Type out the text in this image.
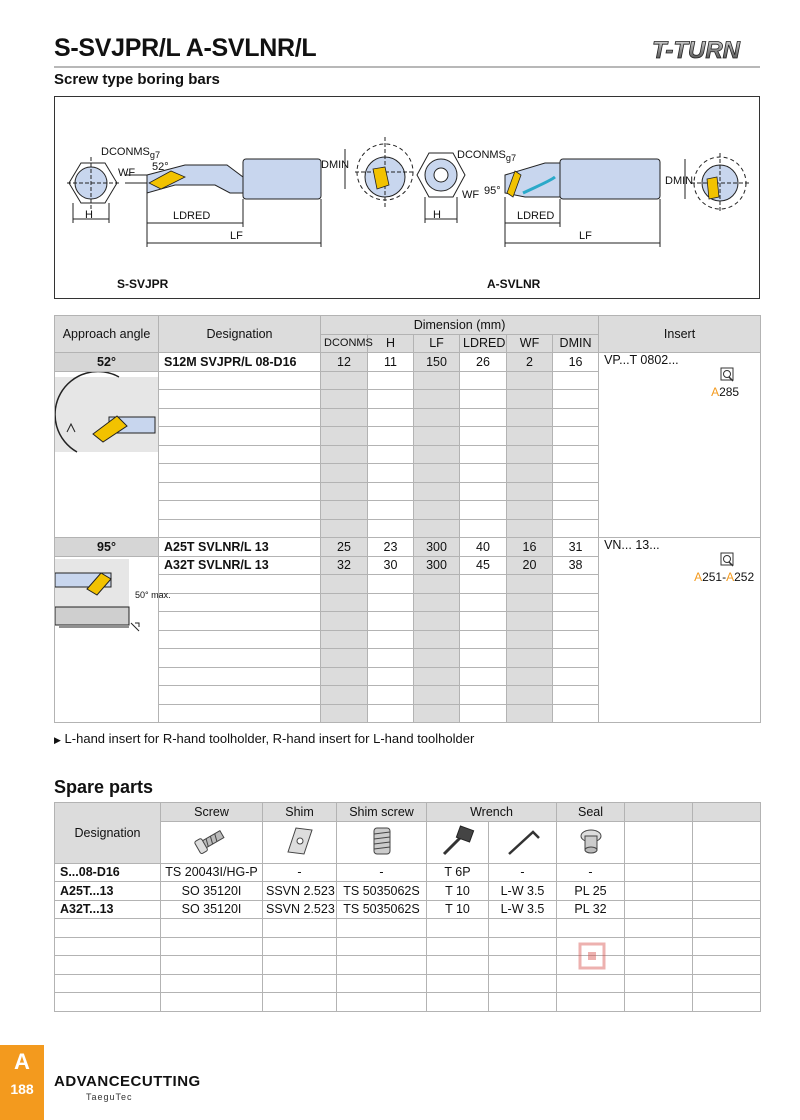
S-SVJPR/L A-SVLNR/L	T-TURN
Screw type boring bars
$DCONMS_{g7}$
52°
WF
H	LDRED
LF
DMIN
$DCONMS_{g7}$
WF 95°
H	LDRED
LF
DMIN
S-SVJPR	A-SVLNR
Approach angle	Designation	Dimension (mm)						Insert
		DCONMS	H	LF	LDRED	WF	DMIN	
52°	S12M SVJPR/L 08-D16	12	11	150	26	2	16	VP...T 0802...
A285

95°	A25T SVLNR/L 13	25	23	300	40	16	31	VN... 13...
A251-A252

50° max.	A32T SVLNR/L 13	32	30	300	45	20	38	

▶ L-hand insert for R-hand toolholder, R-hand insert for L-hand toolholder
Spare parts
Designation	Screw	Shim	Shim screw	Wrench		Seal		

S...08-D16	TS 20043I/HG-P	-	-	T 6P	-	-		
A25T...13	SO 35120I	SSVN 2.523	TS 5035062S	T 10	L-W 3.5	PL 25		
A32T...13	SO 35120I	SSVN 2.523	TS 5035062S	T 10	L-W 3.5	PL 32		

A
188	ADVANCECUTTING
TaeguTec
